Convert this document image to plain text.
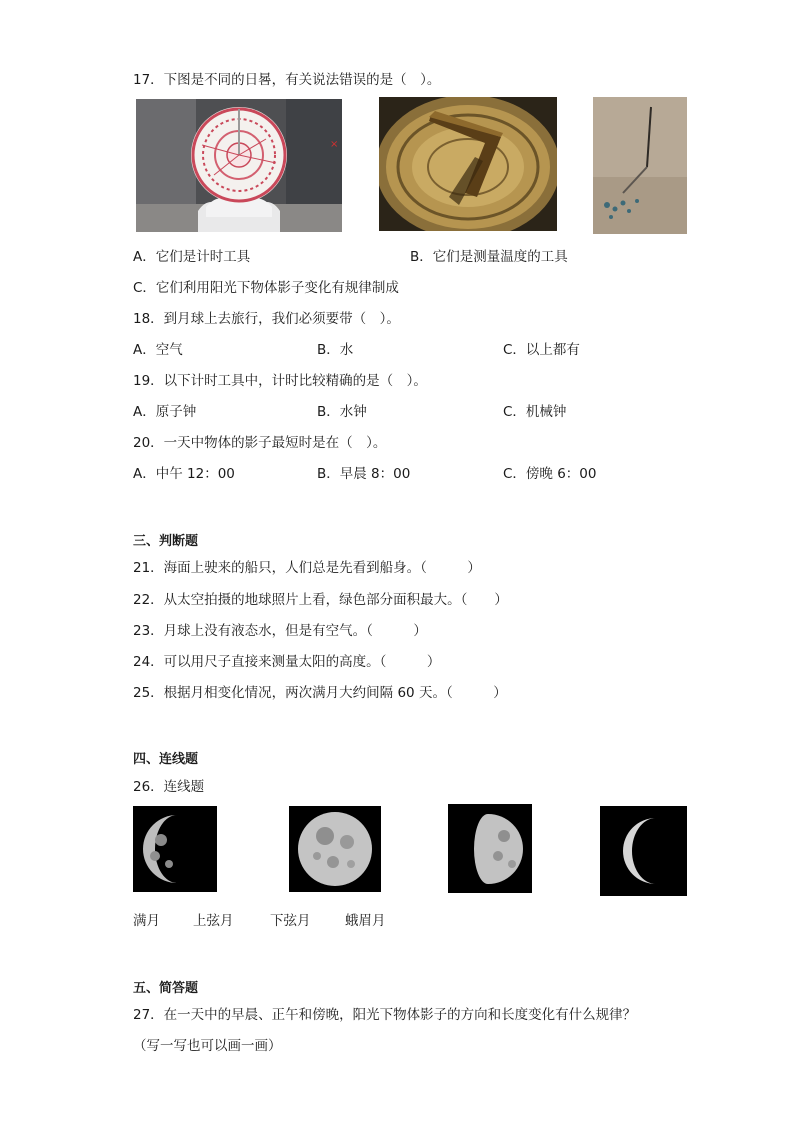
17．下图是不同的日晷，有关说法错误的是（　）。
×
A．它们是计时工具	B．它们是测量温度的工具
C．它们利用阳光下物体影子变化有规律制成
18．到月球上去旅行，我们必须要带（　）。
A．空气	B．水	C．以上都有
19．以下计时工具中，计时比较精确的是（　）。
A．原子钟	B．水钟	C．机械钟
20．一天中物体的影子最短时是在（　）。
A．中午 12：00	B．早晨 8：00	C．傍晚 6：00
三、判断题
21．海面上驶来的船只，人们总是先看到船身。（　　　）
22．从太空拍摄的地球照片上看，绿色部分面积最大。（　　）
23．月球上没有液态水，但是有空气。（　　　）
24．可以用尺子直接来测量太阳的高度。（　　　）
25．根据月相变化情况，两次满月大约间隔 60 天。（　　　）
四、连线题
26．连线题
满月 上弦月	下弦月	蛾眉月
五、简答题
27．在一天中的早晨、正午和傍晚，阳光下物体影子的方向和长度变化有什么规律？
（写一写也可以画一画）
